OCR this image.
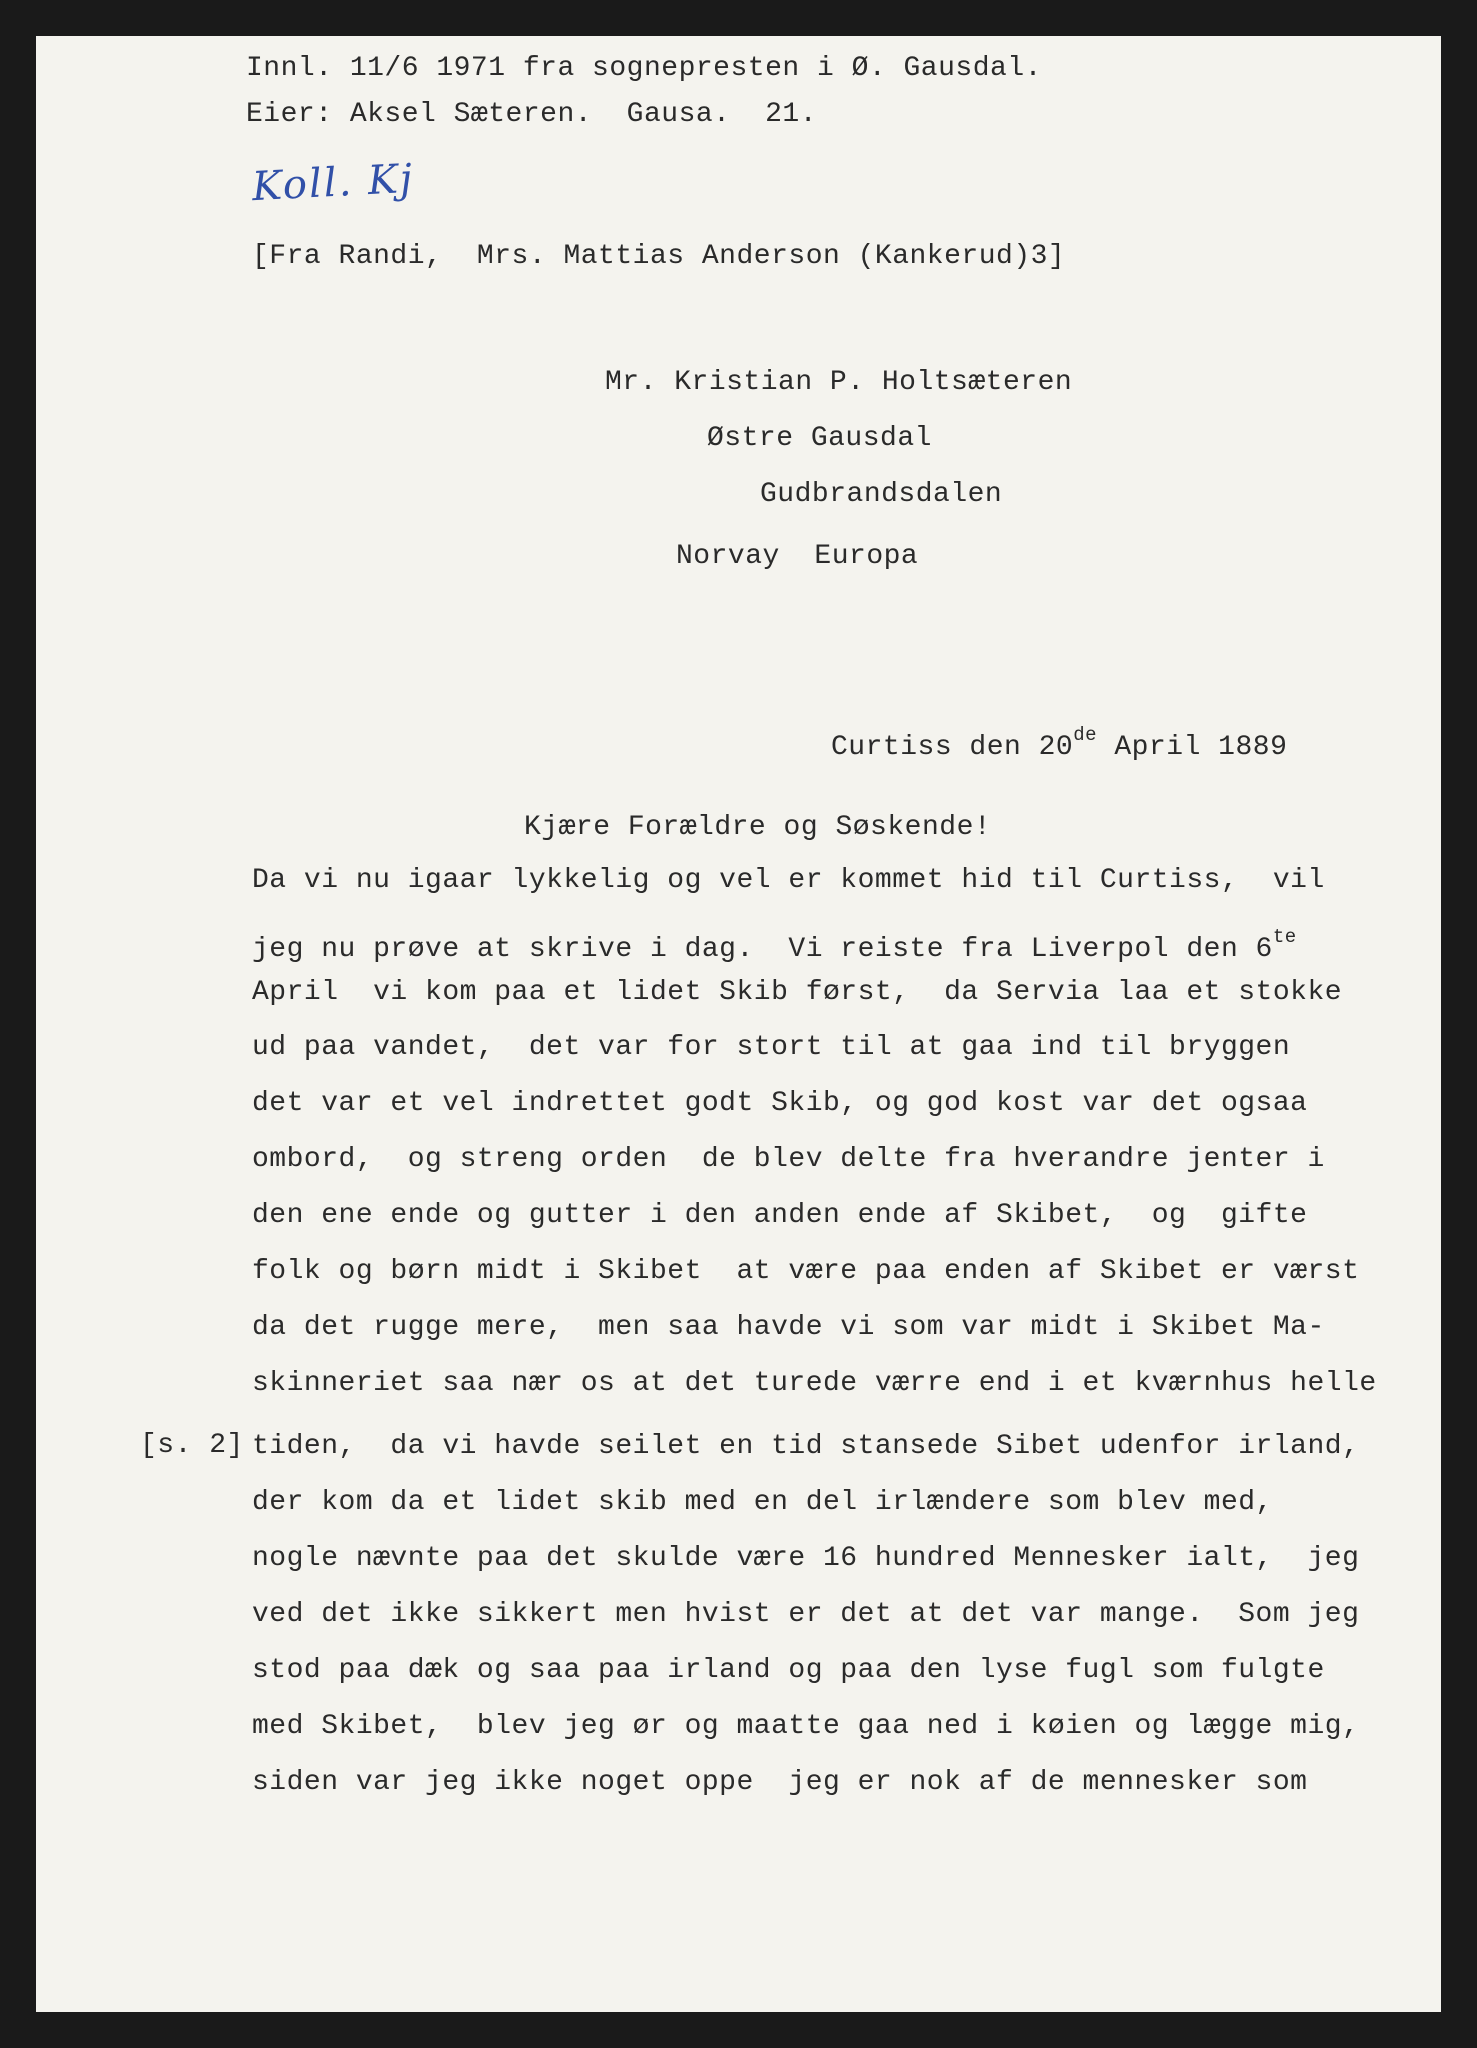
Innl. 11/6 1971 fra sognepresten i Ø. Gausdal.
Eier: Aksel Sæteren.  Gausa.  21.
Koll. Kj
[Fra Randi,  Mrs. Mattias Anderson (Kankerud)3]
Mr. Kristian P. Holtsæteren
Østre Gausdal
Gudbrandsdalen
Norvay  Europa
Curtiss den 20de April 1889
Kjære Forældre og Søskende!
[s. 2]
Da vi nu igaar lykkelig og vel er kommet hid til Curtiss,  vil
jeg nu prøve at skrive i dag.  Vi reiste fra Liverpol den $6^{te}$
April  vi kom paa et lidet Skib først,  da Servia laa et stokke
ud paa vandet,  det var for stort til at gaa ind til bryggen
det var et vel indrettet godt Skib, og god kost var det ogsaa
ombord,  og streng orden  de blev delte fra hverandre jenter i
den ene ende og gutter i den anden ende af Skibet,  og  gifte
folk og børn midt i Skibet  at være paa enden af Skibet er værst
da det rugge mere,  men saa havde vi som var midt i Skibet Ma-
skinneriet saa nær os at det turede værre end i et kværnhus helle
tiden,  da vi havde seilet en tid stansede Sibet udenfor irland,
der kom da et lidet skib med en del irlændere som blev med,
nogle nævnte paa det skulde være 16 hundred Mennesker ialt,  jeg
ved det ikke sikkert men hvist er det at det var mange.  Som jeg
stod paa dæk og saa paa irland og paa den lyse fugl som fulgte
med Skibet,  blev jeg ør og maatte gaa ned i køien og lægge mig,
siden var jeg ikke noget oppe  jeg er nok af de mennesker som
